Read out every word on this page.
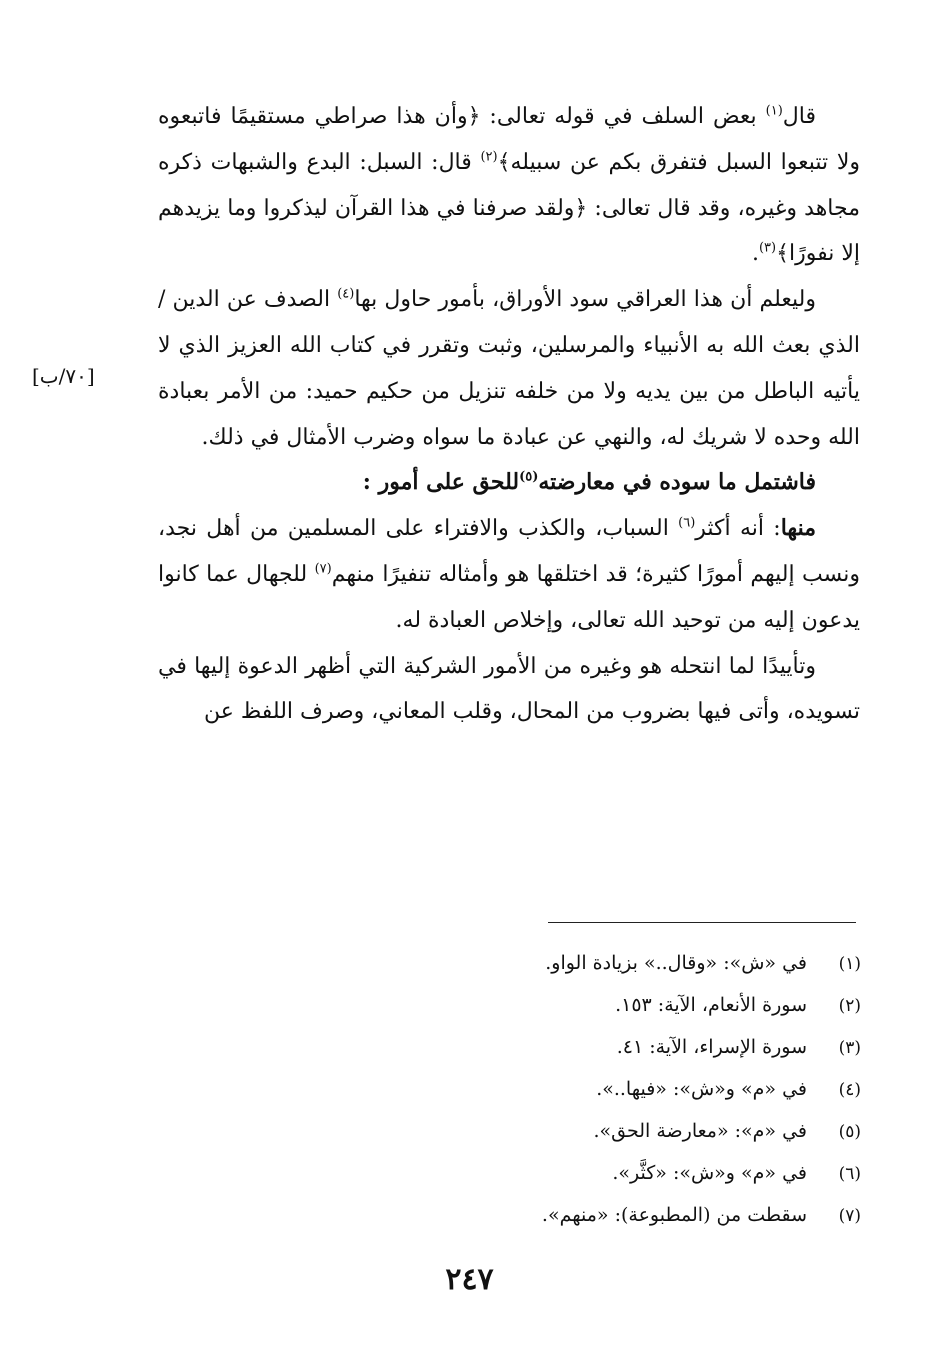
قال$^{(١)}$ بعض السلف في قوله تعالى: ﴿وأن هذا صراطي مستقيمًا فاتبعوه ولا تتبعوا السبل فتفرق بكم عن سبيله﴾$^{(٢)}$ قال: السبل: البدع والشبهات ذكره مجاهد وغيره، وقد قال تعالى: ﴿ولقد صرفنا في هذا القرآن ليذكروا وما يزيدهم إلا نفورًا﴾$^{(٣)}$.

وليعلم أن هذا العراقي سود الأوراق، بأمور حاول بها$^{(٤)}$ الصدف عن الدين / الذي بعث الله به الأنبياء والمرسلين، وثبت وتقرر في كتاب الله العزيز الذي لا يأتيه الباطل من بين يديه ولا من خلفه تنزيل من حكيم حميد: من الأمر بعبادة الله وحده لا شريك له، والنهي عن عبادة ما سواه وضرب الأمثال في ذلك.

فاشتمل ما سوده في معارضته$^{(٥)}$للحق على أمور :

منها: أنه أكثر$^{(٦)}$ السباب، والكذب والافتراء على المسلمين من أهل نجد، ونسب إليهم أمورًا كثيرة؛ قد اختلقها هو وأمثاله تنفيرًا منهم$^{(٧)}$ للجهال عما كانوا يدعون إليه من توحيد الله تعالى، وإخلاص العبادة له.

وتأييدًا لما انتحله هو وغيره من الأمور الشركية التي أظهر الدعوة إليها في تسويده، وأتى فيها بضروب من المحال، وقلب المعاني، وصرف اللفظ عن

[٧٠/ب]
(١)
في «ش»: «وقال..» بزيادة الواو.
(٢)
سورة الأنعام، الآية: ١٥٣.
(٣)
سورة الإسراء، الآية: ٤١.
(٤)
في «م» و«ش»: «فيها..».
(٥)
في «م»: «معارضة الحق».
(٦)
في «م» و«ش»: «كثَّر».
(٧)
سقطت من (المطبوعة): «منهم».
٢٤٧
